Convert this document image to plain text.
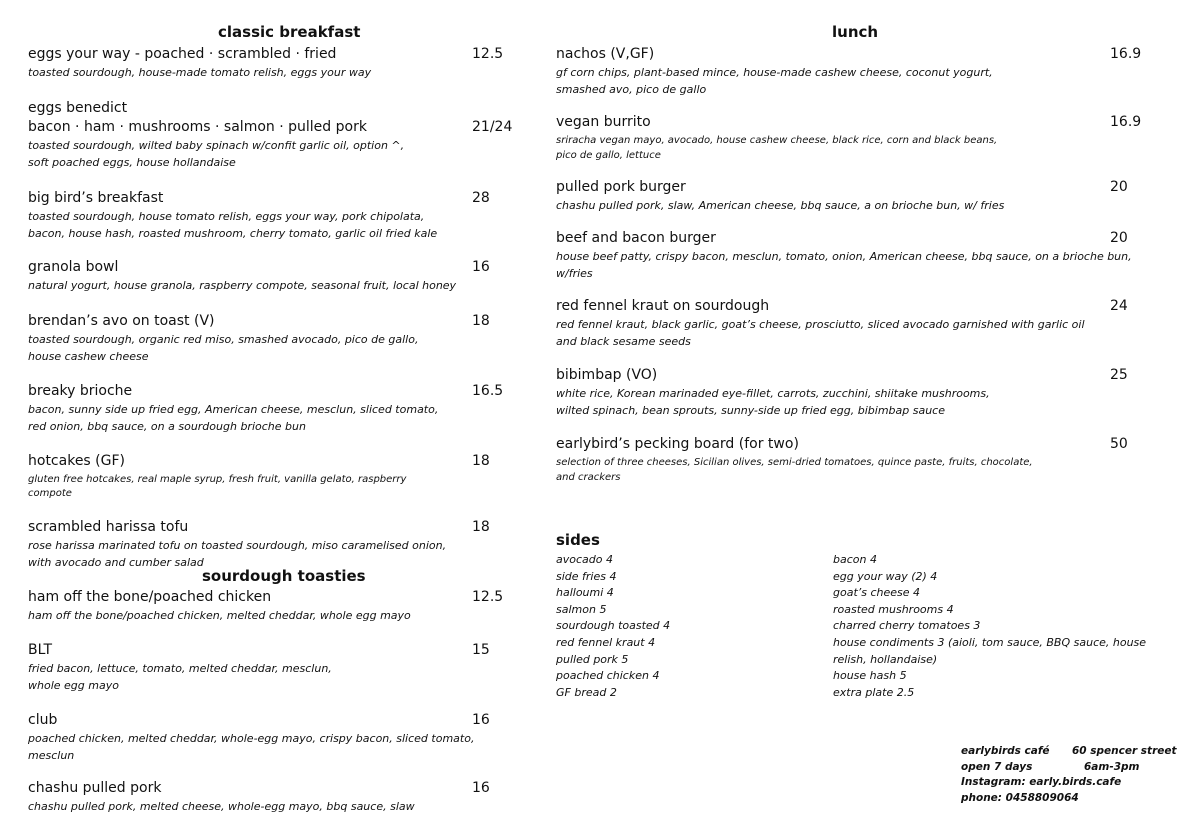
classic breakfast
eggs your way - poached · scrambled · fried	12.5
toasted sourdough, house-made tomato relish, eggs your way
eggs benedict
bacon · ham · mushrooms · salmon · pulled pork	21/24
toasted sourdough, wilted baby spinach w/confit garlic oil, option ^,
soft poached eggs, house hollandaise
big bird’s breakfast	28
toasted sourdough, house tomato relish, eggs your way, pork chipolata,
bacon, house hash, roasted mushroom, cherry tomato, garlic oil fried kale
granola bowl	16
natural yogurt, house granola, raspberry compote, seasonal fruit, local honey
brendan’s avo on toast (V)	18
toasted sourdough, organic red miso, smashed avocado, pico de gallo,
house cashew cheese
breaky brioche	16.5
bacon, sunny side up fried egg, American cheese, mesclun, sliced tomato,
red onion, bbq sauce, on a sourdough brioche bun
hotcakes (GF)	18
gluten free hotcakes, real maple syrup, fresh fruit, vanilla gelato, raspberry
compote
scrambled harissa tofu	18
rose harissa marinated tofu on toasted sourdough, miso caramelised onion,
with avocado and cumber salad
sourdough toasties
ham off the bone/poached chicken	12.5
ham off the bone/poached chicken, melted cheddar, whole egg mayo
BLT	15
fried bacon, lettuce, tomato, melted cheddar, mesclun,
whole egg mayo
club	16
poached chicken, melted cheddar, whole-egg mayo, crispy bacon, sliced tomato,
mesclun
chashu pulled pork	16
chashu pulled pork, melted cheese, whole-egg mayo, bbq sauce, slaw
lunch
nachos (V,GF)	16.9
gf corn chips, plant-based mince, house-made cashew cheese, coconut yogurt,
smashed avo, pico de gallo
vegan burrito	16.9
sriracha vegan mayo, avocado, house cashew cheese, black rice, corn and black beans,
pico de gallo, lettuce
pulled pork burger	20
chashu pulled pork, slaw, American cheese, bbq sauce, a on brioche bun, w/ fries
beef and bacon burger	20
house beef patty, crispy bacon, mesclun, tomato, onion, American cheese, bbq sauce, on a brioche bun,
w/fries
red fennel kraut on sourdough	24
red fennel kraut, black garlic, goat’s cheese, prosciutto, sliced avocado garnished with garlic oil
and black sesame seeds
bibimbap (VO)	25
white rice, Korean marinaded eye-fillet, carrots, zucchini, shiitake mushrooms,
wilted spinach, bean sprouts, sunny-side up fried egg, bibimbap sauce
earlybird’s pecking board (for two)	50
selection of three cheeses, Sicilian olives, semi-dried tomatoes, quince paste, fruits, chocolate,
and crackers
sides
avocado 4
side fries 4
halloumi 4
salmon 5
sourdough toasted 4
red fennel kraut 4
pulled pork 5
poached chicken 4
GF bread 2
bacon 4
egg your way (2) 4
goat’s cheese 4
roasted mushrooms 4
charred cherry tomatoes 3
house condiments 3 (aioli, tom sauce, BBQ sauce, house relish, hollandaise)
house hash 5
extra plate 2.5
earlybirds café
open 7 days
Instagram: early.birds.cafe
phone: 0458809064
60 spencer street
6am-3pm
